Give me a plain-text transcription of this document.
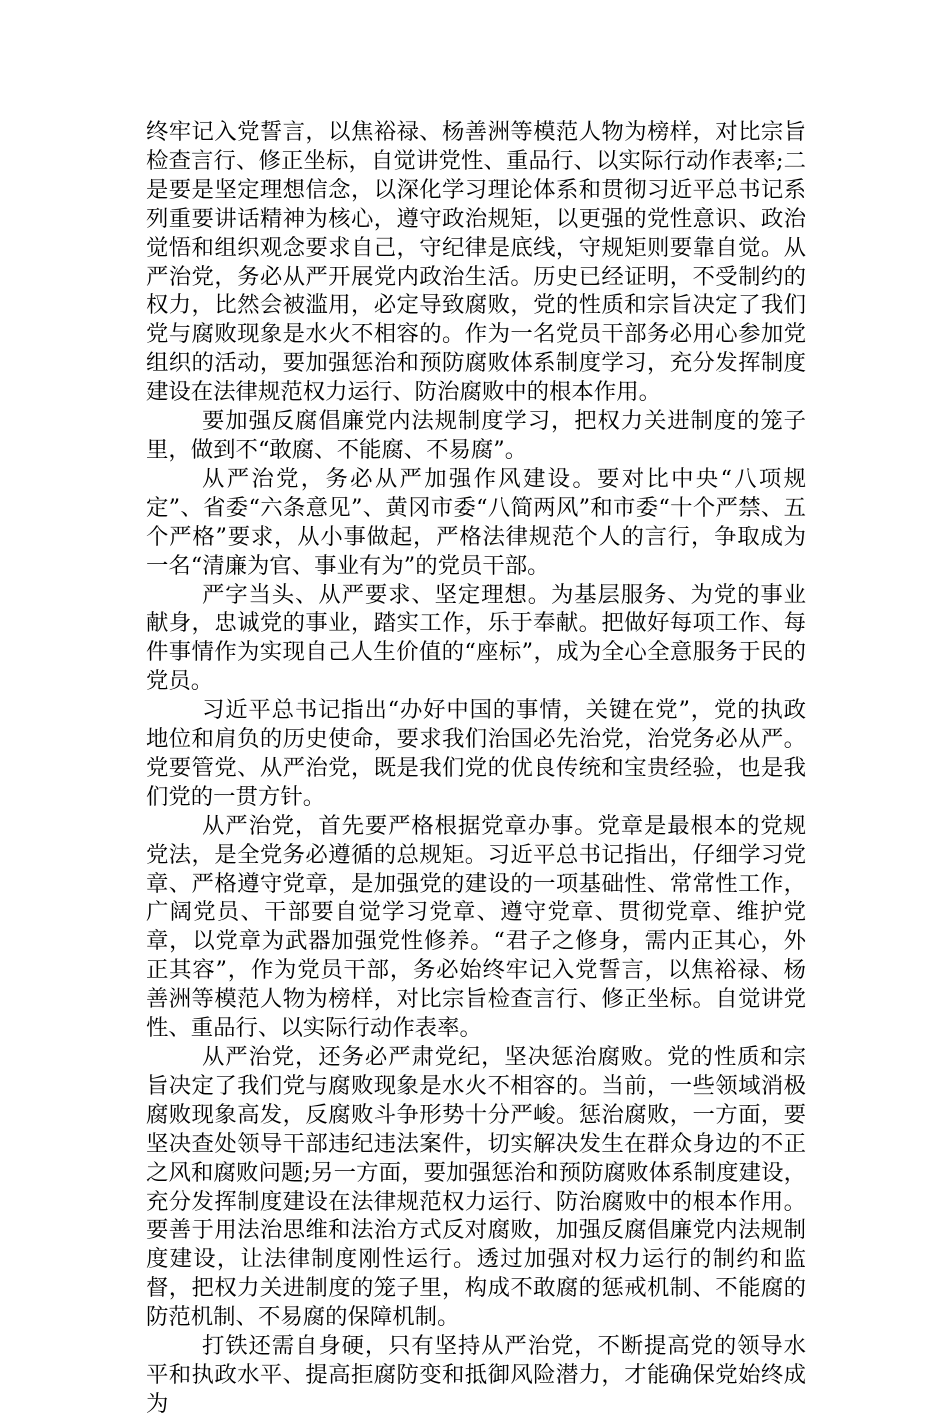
终牢记入党誓言，以焦裕禄、杨善洲等模范人物为榜样，对比宗旨检查言行、修正坐标，自觉讲党性、重品行、以实际行动作表率;二是要是坚定理想信念，以深化学习理论体系和贯彻习近平总书记系列重要讲话精神为核心，遵守政治规矩，以更强的党性意识、政治觉悟和组织观念要求自己，守纪律是底线，守规矩则要靠自觉。从严治党，务必从严开展党内政治生活。历史已经证明，不受制约的权力，比然会被滥用，必定导致腐败，党的性质和宗旨决定了我们党与腐败现象是水火不相容的。作为一名党员干部务必用心参加党组织的活动，要加强惩治和预防腐败体系制度学习，充分发挥制度建设在法律规范权力运行、防治腐败中的根本作用。

要加强反腐倡廉党内法规制度学习，把权力关进制度的笼子里，做到不“敢腐、不能腐、不易腐”。

从严治党，务必从严加强作风建设。要对比中央“八项规定”、省委“六条意见”、黄冈市委“八简两风”和市委“十个严禁、五个严格”要求，从小事做起，严格法律规范个人的言行，争取成为一名“清廉为官、事业有为”的党员干部。

严字当头、从严要求、坚定理想。为基层服务、为党的事业献身，忠诚党的事业，踏实工作，乐于奉献。把做好每项工作、每件事情作为实现自己人生价值的“座标”，成为全心全意服务于民的党员。

习近平总书记指出“办好中国的事情，关键在党”，党的执政地位和肩负的历史使命，要求我们治国必先治党，治党务必从严。党要管党、从严治党，既是我们党的优良传统和宝贵经验，也是我们党的一贯方针。

从严治党，首先要严格根据党章办事。党章是最根本的党规党法，是全党务必遵循的总规矩。习近平总书记指出，仔细学习党章、严格遵守党章，是加强党的建设的一项基础性、常常性工作，广阔党员、干部要自觉学习党章、遵守党章、贯彻党章、维护党章，以党章为武器加强党性修养。“君子之修身，需内正其心，外正其容”，作为党员干部，务必始终牢记入党誓言，以焦裕禄、杨善洲等模范人物为榜样，对比宗旨检查言行、修正坐标。自觉讲党性、重品行、以实际行动作表率。

从严治党，还务必严肃党纪，坚决惩治腐败。党的性质和宗旨决定了我们党与腐败现象是水火不相容的。当前，一些领域消极腐败现象高发，反腐败斗争形势十分严峻。惩治腐败，一方面，要坚决查处领导干部违纪违法案件，切实解决发生在群众身边的不正之风和腐败问题;另一方面，要加强惩治和预防腐败体系制度建设，充分发挥制度建设在法律规范权力运行、防治腐败中的根本作用。要善于用法治思维和法治方式反对腐败，加强反腐倡廉党内法规制度建设，让法律制度刚性运行。透过加强对权力运行的制约和监督，把权力关进制度的笼子里，构成不敢腐的惩戒机制、不能腐的防范机制、不易腐的保障机制。

打铁还需自身硬，只有坚持从严治党，不断提高党的领导水平和执政水平、提高拒腐防变和抵御风险潜力，才能确保党始终成为
